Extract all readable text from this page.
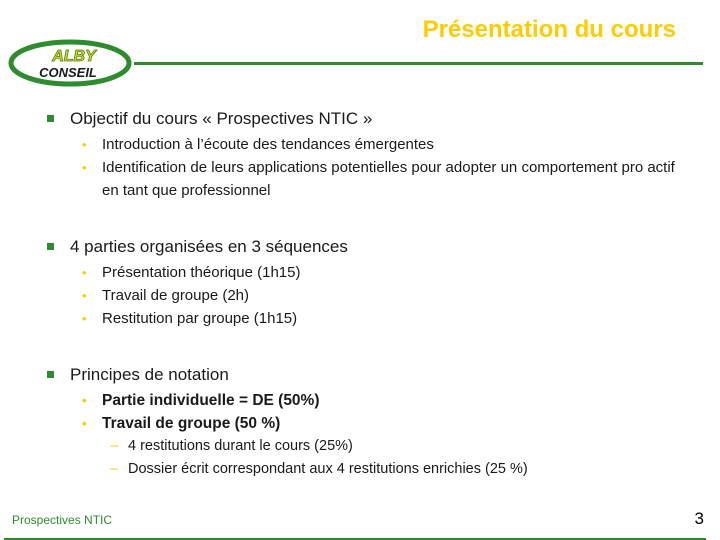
ALBY
CONSEIL
Présentation du cours
Objectif du cours « Prospectives NTIC »
• Introduction à l’écoute des tendances émergentes
• Identification de leurs applications potentielles pour adopter un comportement pro actif en tant que professionnel
4 parties organisées en 3 séquences
• Présentation théorique (1h15)
• Travail de groupe (2h)
• Restitution par groupe (1h15)
Principes de notation
• Partie individuelle = DE (50%)
• Travail de groupe (50 %)
– 4 restitutions durant le cours (25%)
– Dossier écrit correspondant aux 4 restitutions enrichies (25 %)
Prospectives NTIC	3
